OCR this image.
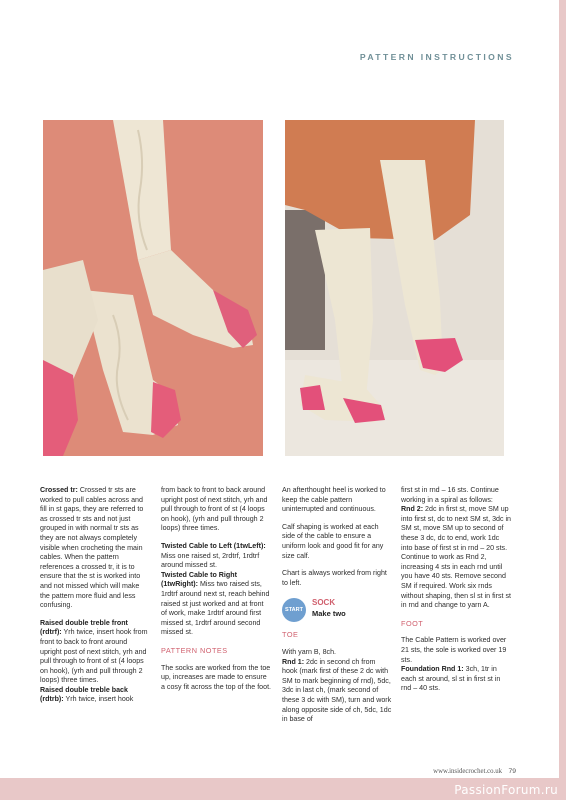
PATTERN INSTRUCTIONS

Crossed tr: Crossed tr sts are worked to pull cables across and fill in st gaps, they are referred to as crossed tr sts and not just grouped in with normal tr sts as they are not always completely visible when crocheting the main cables. When the pattern references a crossed tr, it is to ensure that the st is worked into and not missed which will make the pattern more fluid and less confusing.

Raised double treble front (rdtrf): Yrh twice, insert hook from front to back to front around upright post of next stitch, yrh and pull through to front of st (4 loops on hook), (yrh and pull through 2 loops) three times.

Raised double treble back (rdtrb): Yrh twice, insert hook

from back to front to back around upright post of next stitch, yrh and pull through to front of st (4 loops on hook), (yrh and pull through 2 loops) three times.

Twisted Cable to Left (1twLeft): Miss one raised st, 2rdtrf, 1rdtrf around missed st.

Twisted Cable to Right (1twRight): Miss two raised sts, 1rdtrf around next st, reach behind raised st just worked and at front of work, make 1rdtrf around first missed st, 1rdtrf around second missed st.

PATTERN NOTES

The socks are worked from the toe up, increases are made to ensure a cosy fit across the top of the foot.

An afterthought heel is worked to keep the cable pattern uninterrupted and continuous.

Calf shaping is worked at each side of the cable to ensure a uniform look and good fit for any size calf.

Chart is always worked from right to left.

START
SOCK
Make two

TOE

With yarn B, 8ch.

Rnd 1: 2dc in second ch from hook (mark first of these 2 dc with SM to mark beginning of rnd), 5dc, 3dc in last ch, (mark second of these 3 dc with SM), turn and work along opposite side of ch, 5dc, 1dc in base of

first st in rnd – 16 sts. Continue working in a spiral as follows:

Rnd 2: 2dc in first st, move SM up into first st, dc to next SM st, 3dc in SM st, move SM up to second of these 3 dc, dc to end, work 1dc into base of first st in rnd – 20 sts. Continue to work as Rnd 2, increasing 4 sts in each rnd until you have 40 sts. Remove second SM if required. Work six rnds without shaping, then sl st in first st in rnd and change to yarn A.

FOOT

The Cable Pattern is worked over 21 sts, the sole is worked over 19 sts.

Foundation Rnd 1: 3ch, 1tr in each st around, sl st in first st in rnd – 40 sts.

www.insidecrochet.co.uk 79
PassionForum.ru
